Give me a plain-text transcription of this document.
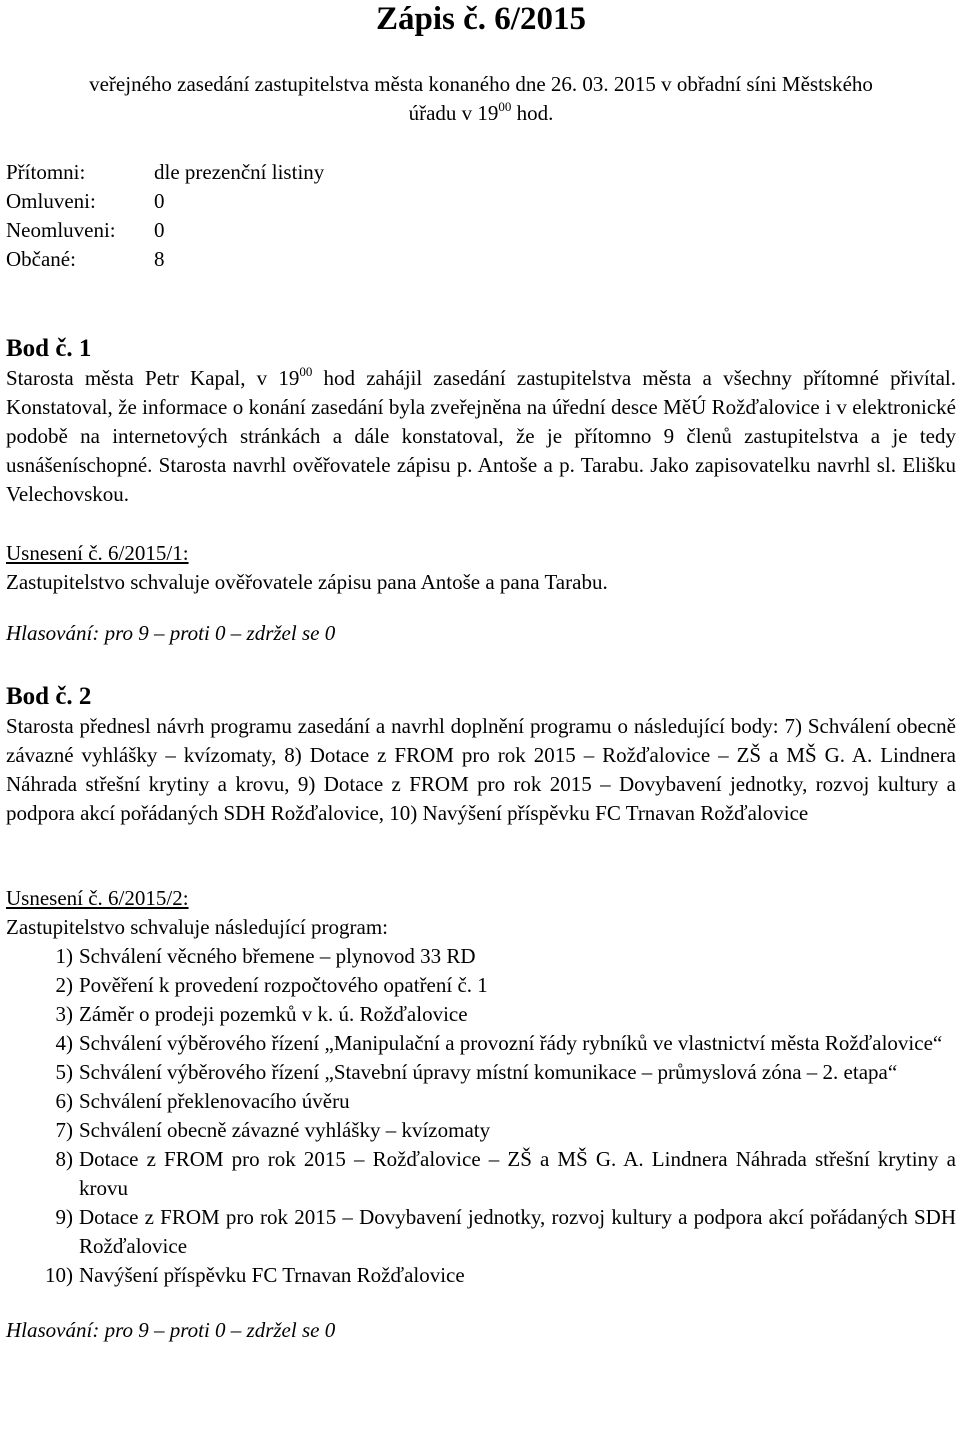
Zápis č. 6/2015
veřejného zasedání zastupitelstva města konaného dne 26. 03. 2015 v obřadní síni Městského
úřadu v $19^{00}$ hod.
Přítomni:	dle prezenční listiny
Omluveni:	0
Neomluveni:	0
Občané:	8
Bod č. 1
Starosta města Petr Kapal, v $19^{00}$ hod zahájil zasedání zastupitelstva města a všechny přítomné přivítal. Konstatoval, že informace o konání zasedání byla zveřejněna na úřední desce MěÚ Rožďalovice i v elektronické podobě na internetových stránkách a dále konstatoval, že je přítomno 9 členů zastupitelstva a je tedy usnášeníschopné. Starosta navrhl ověřovatele zápisu p. Antoše a p. Tarabu. Jako zapisovatelku navrhl sl. Elišku Velechovskou.
Usnesení č. 6/2015/1:
Zastupitelstvo schvaluje ověřovatele zápisu pana Antoše a pana Tarabu.
Hlasování: pro 9 – proti 0 – zdržel se 0
Bod č. 2
Starosta přednesl návrh programu zasedání a navrhl doplnění programu o následující body: 7) Schválení obecně závazné vyhlášky – kvízomaty, 8) Dotace z FROM pro rok 2015 – Rožďalovice – ZŠ a MŠ G. A. Lindnera Náhrada střešní krytiny a krovu, 9) Dotace z FROM pro rok 2015 – Dovybavení jednotky, rozvoj kultury a podpora akcí pořádaných SDH Rožďalovice, 10) Navýšení příspěvku FC Trnavan Rožďalovice
Usnesení č. 6/2015/2:
Zastupitelstvo schvaluje následující program:
1) Schválení věcného břemene – plynovod 33 RD
2) Pověření k provedení rozpočtového opatření č. 1
3) Záměr o prodeji pozemků v k. ú. Rožďalovice
4) Schválení výběrového řízení „Manipulační a provozní řády rybníků ve vlastnictví města Rožďalovice“
5) Schválení výběrového řízení „Stavební úpravy místní komunikace – průmyslová zóna – 2. etapa“
6) Schválení překlenovacího úvěru
7) Schválení obecně závazné vyhlášky – kvízomaty
8) Dotace z FROM pro rok 2015 – Rožďalovice – ZŠ a MŠ G. A. Lindnera Náhrada střešní krytiny a krovu
9) Dotace z FROM pro rok 2015 – Dovybavení jednotky, rozvoj kultury a podpora akcí pořádaných SDH Rožďalovice
10) Navýšení příspěvku FC Trnavan Rožďalovice
Hlasování: pro 9 – proti 0 – zdržel se 0
